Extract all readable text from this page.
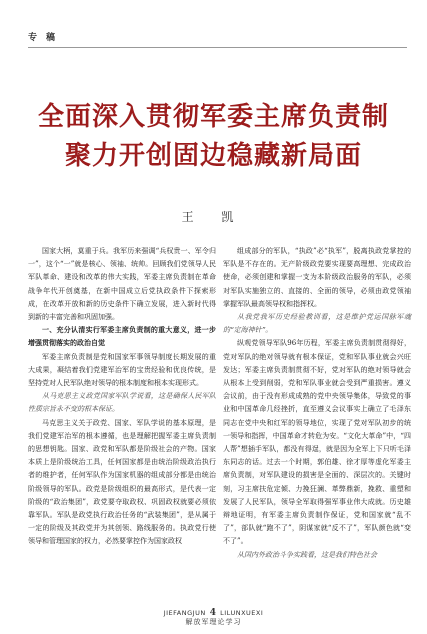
专稿
全面深入贯彻军委主席负责制
聚力开创固边稳藏新局面
王 凯

国家大柄，莫重于兵。我军历来强调“兵权贵一、军令归一”，这个“一”就是核心、领袖、统帅。回顾我们党领导人民军队革命、建设和改革的伟大实践，军委主席负责制在革命战争年代开创奠基，在新中国成立后党执政条件下探索形成，在改革开放和新的历史条件下确立发展，进入新时代得到新的丰富完善和巩固加强。

一、充分认清实行军委主席负责制的重大意义，进一步增强贯彻落实的政治自觉

军委主席负责制是党和国家军事领导制度长期发展的重大成果，凝结着我们党建军治军的宝贵经验和优良传统，是坚持党对人民军队绝对领导的根本制度和根本实现形式。

从马克思主义政党国家军队学说看，这是确保人民军队性质宗旨永不变的根本保证。

马克思主义关于政党、国家、军队学说的基本原理，是我们党建军治军的根本遵循，也是理解把握军委主席负责制的思想钥匙。国家、政党和军队都是阶级社会的产物。国家本质上是阶级统治工具，任何国家都是由统治阶级政治执行者的维护者，任何军队作为国家机器的组成部分都是由统治阶级领导的军队。政党是阶级组织的最高形式，是代表一定阶级的“政治集团”，政党要夺取政权、巩固政权就要必须依靠军队。军队是政党执行政治任务的“武装集团”，是从属于一定的阶级及其政党并为其创领、路线服务的。执政党行使领导和管理国家的权力，必然要掌控作为国家政权

组成部分的军队，“执政”必“执军”，脱离执政党掌控的军队是不存在的。无产阶级政党要实现要高理想、完成政治使命，必须创建和掌握一支为本阶级政治服务的军队，必须对军队实施独立的、直接的、全面的领导，必须由政党领袖掌握军队最高领导权和指挥权。

从我党我军历史经验教训看，这是维护党运国脉军魂的“定海神针”。

纵观党领导军队96年历程，军委主席负责制贯彻得好，党对军队的绝对领导就有根本保证，党和军队事业就会兴旺发达；军委主席负责制贯彻不好，党对军队的绝对领导就会从根本上受到削弱，党和军队事业就会受到严重损害。遵义会议前，由于没有形成成熟的党中央领导集体，导致党的事业和中国革命几经挫折，直至遵义会议事实上确立了毛泽东同志在党中央和红军的领导地位，实现了党对军队初步的统一领导和指挥，中国革命才转危为安。“文化大革命”中，“四人帮”想插手军队，都没有得逞，就是因为全军上下只听毛泽东同志的话。过去一个时期，郭伯雄、徐才厚等虚化军委主席负责制，对军队建设的损害是全面的、深层次的。关键时刻，习主席扶危定倾、力挽狂澜、革弊鼎新，挽救、重塑和发展了人民军队，领导全军取得强军事业伟大成就。历史雄辩地证明，有军委主席负责制作保证，党和国家就“乱不了”，部队就“跑不了”，阴谋家就“反不了”，军队颜色就“变不了”。

从国内外政治斗争实践看，这是我们特色社会

JIEFANGJUN 4 LILUNXUEXI
解放军理论学习
